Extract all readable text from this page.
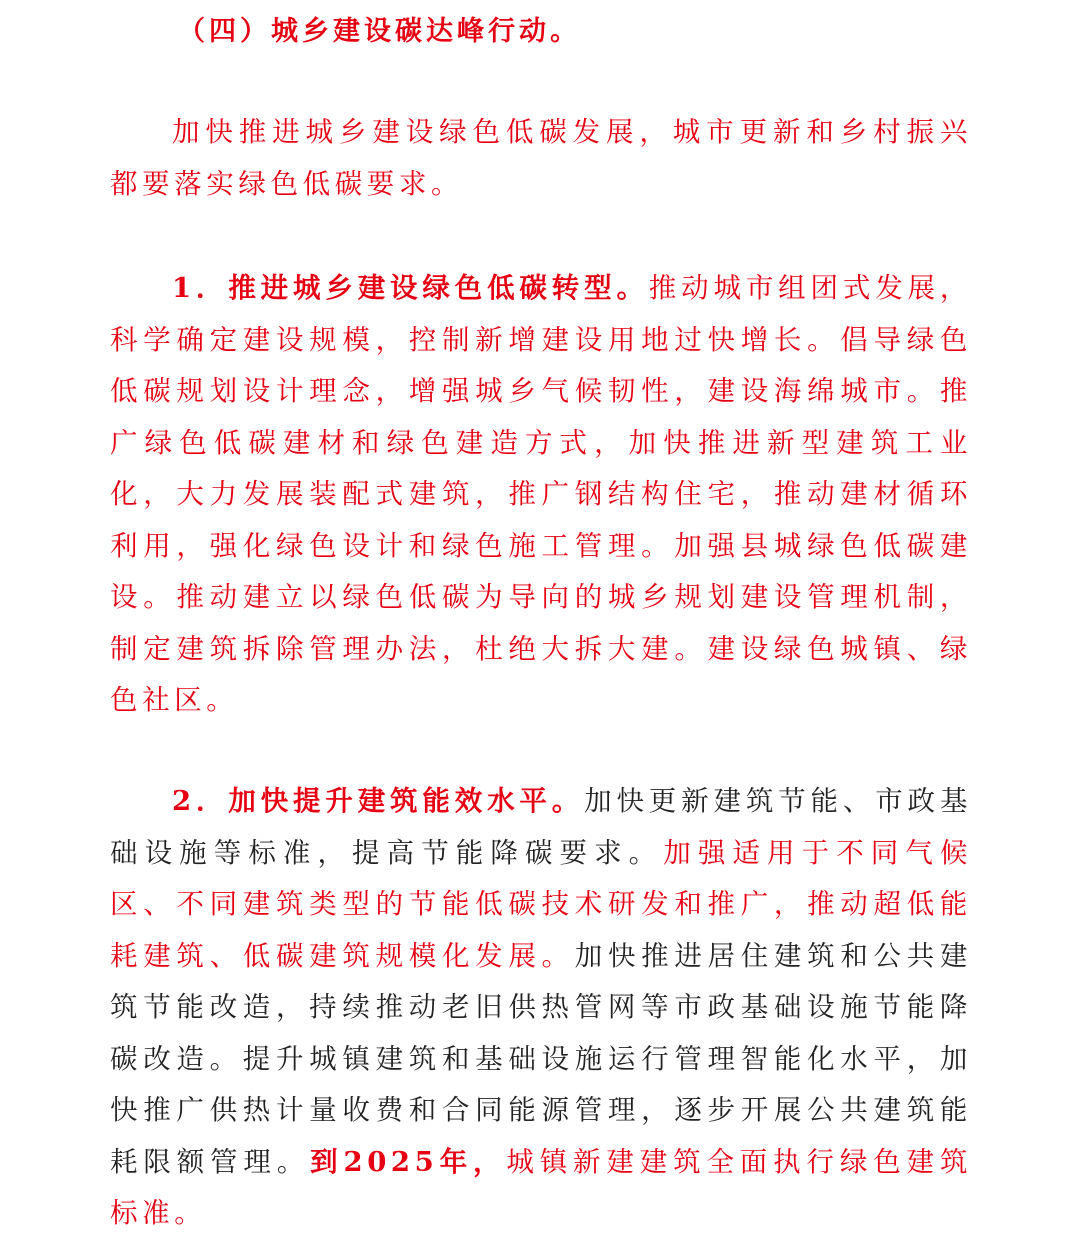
（四）城乡建设碳达峰行动。

加快推进城乡建设绿色低碳发展，城市更新和乡村振兴都要落实绿色低碳要求。

1．推进城乡建设绿色低碳转型。推动城市组团式发展，科学确定建设规模，控制新增建设用地过快增长。倡导绿色低碳规划设计理念，增强城乡气候韧性，建设海绵城市。推广绿色低碳建材和绿色建造方式，加快推进新型建筑工业化，大力发展装配式建筑，推广钢结构住宅，推动建材循环利用，强化绿色设计和绿色施工管理。加强县城绿色低碳建设。推动建立以绿色低碳为导向的城乡规划建设管理机制，制定建筑拆除管理办法，杜绝大拆大建。建设绿色城镇、绿色社区。

2．加快提升建筑能效水平。加快更新建筑节能、市政基础设施等标准，提高节能降碳要求。加强适用于不同气候区、不同建筑类型的节能低碳技术研发和推广，推动超低能耗建筑、低碳建筑规模化发展。加快推进居住建筑和公共建筑节能改造，持续推动老旧供热管网等市政基础设施节能降碳改造。提升城镇建筑和基础设施运行管理智能化水平，加快推广供热计量收费和合同能源管理，逐步开展公共建筑能耗限额管理。到2025年，城镇新建建筑全面执行绿色建筑标准。
